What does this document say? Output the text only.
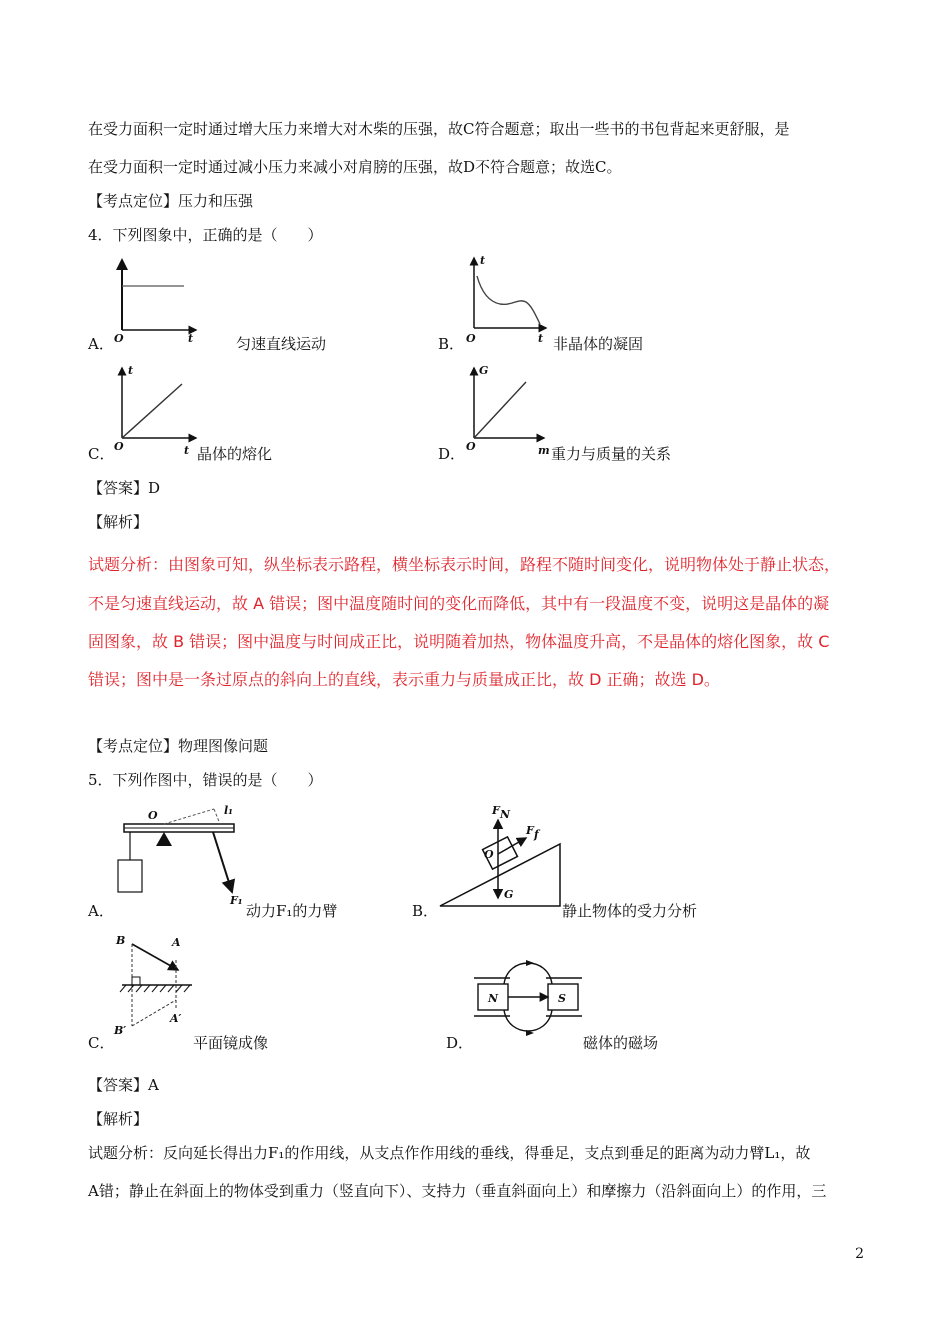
在受力面积一定时通过增大压力来增大对木柴的压强，故C符合题意；取出一些书的书包背起来更舒服，是
在受力面积一定时通过减小压力来减小对肩膀的压强，故D不符合题意；故选C。
【考点定位】压力和压强
4．下列图象中，正确的是（　　）
O	t
A．	匀速直线运动
t
O	t
B．	非晶体的凝固
t
O	t
C．	晶体的熔化
G
O	m
D．	重力与质量的关系
【答案】D
【解析】
试题分析：由图象可知，纵坐标表示路程，横坐标表示时间，路程不随时间变化，说明物体处于静止状态，
不是匀速直线运动，故 A 错误；图中温度随时间的变化而降低，其中有一段温度不变，说明这是晶体的凝
固图象，故 B 错误；图中温度与时间成正比，说明随着加热，物体温度升高，不是晶体的熔化图象，故 C
错误；图中是一条过原点的斜向上的直线，表示重力与质量成正比，故 D 正确；故选 D。
【考点定位】物理图像问题
5．下列作图中，错误的是（　　）
O	l₁
F₁
A．	动力F₁的力臂
F N
F f
O
G
B．	静止物体的受力分析
B	A
B′
A′
C．	平面镜成像
N	S
D．	磁体的磁场
【答案】A
【解析】
试题分析：反向延长得出力F₁的作用线，从支点作作用线的垂线，得垂足，支点到垂足的距离为动力臂L₁，故
A错；静止在斜面上的物体受到重力（竖直向下）、支持力（垂直斜面向上）和摩擦力（沿斜面向上）的作用，三
2
